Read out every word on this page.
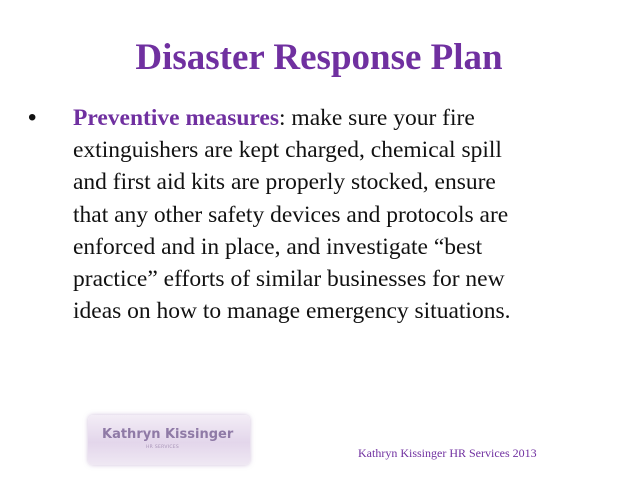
Disaster Response Plan
•	Preventive measures: make sure your fire
extinguishers are kept charged, chemical spill
and first aid kits are properly stocked, ensure
that any other safety devices and protocols are
enforced and in place, and investigate “best
practice” efforts of similar businesses for new
ideas on how to manage emergency situations.
Kathryn Kissinger
HR SERVICES	Kathryn Kissinger HR Services 2013
